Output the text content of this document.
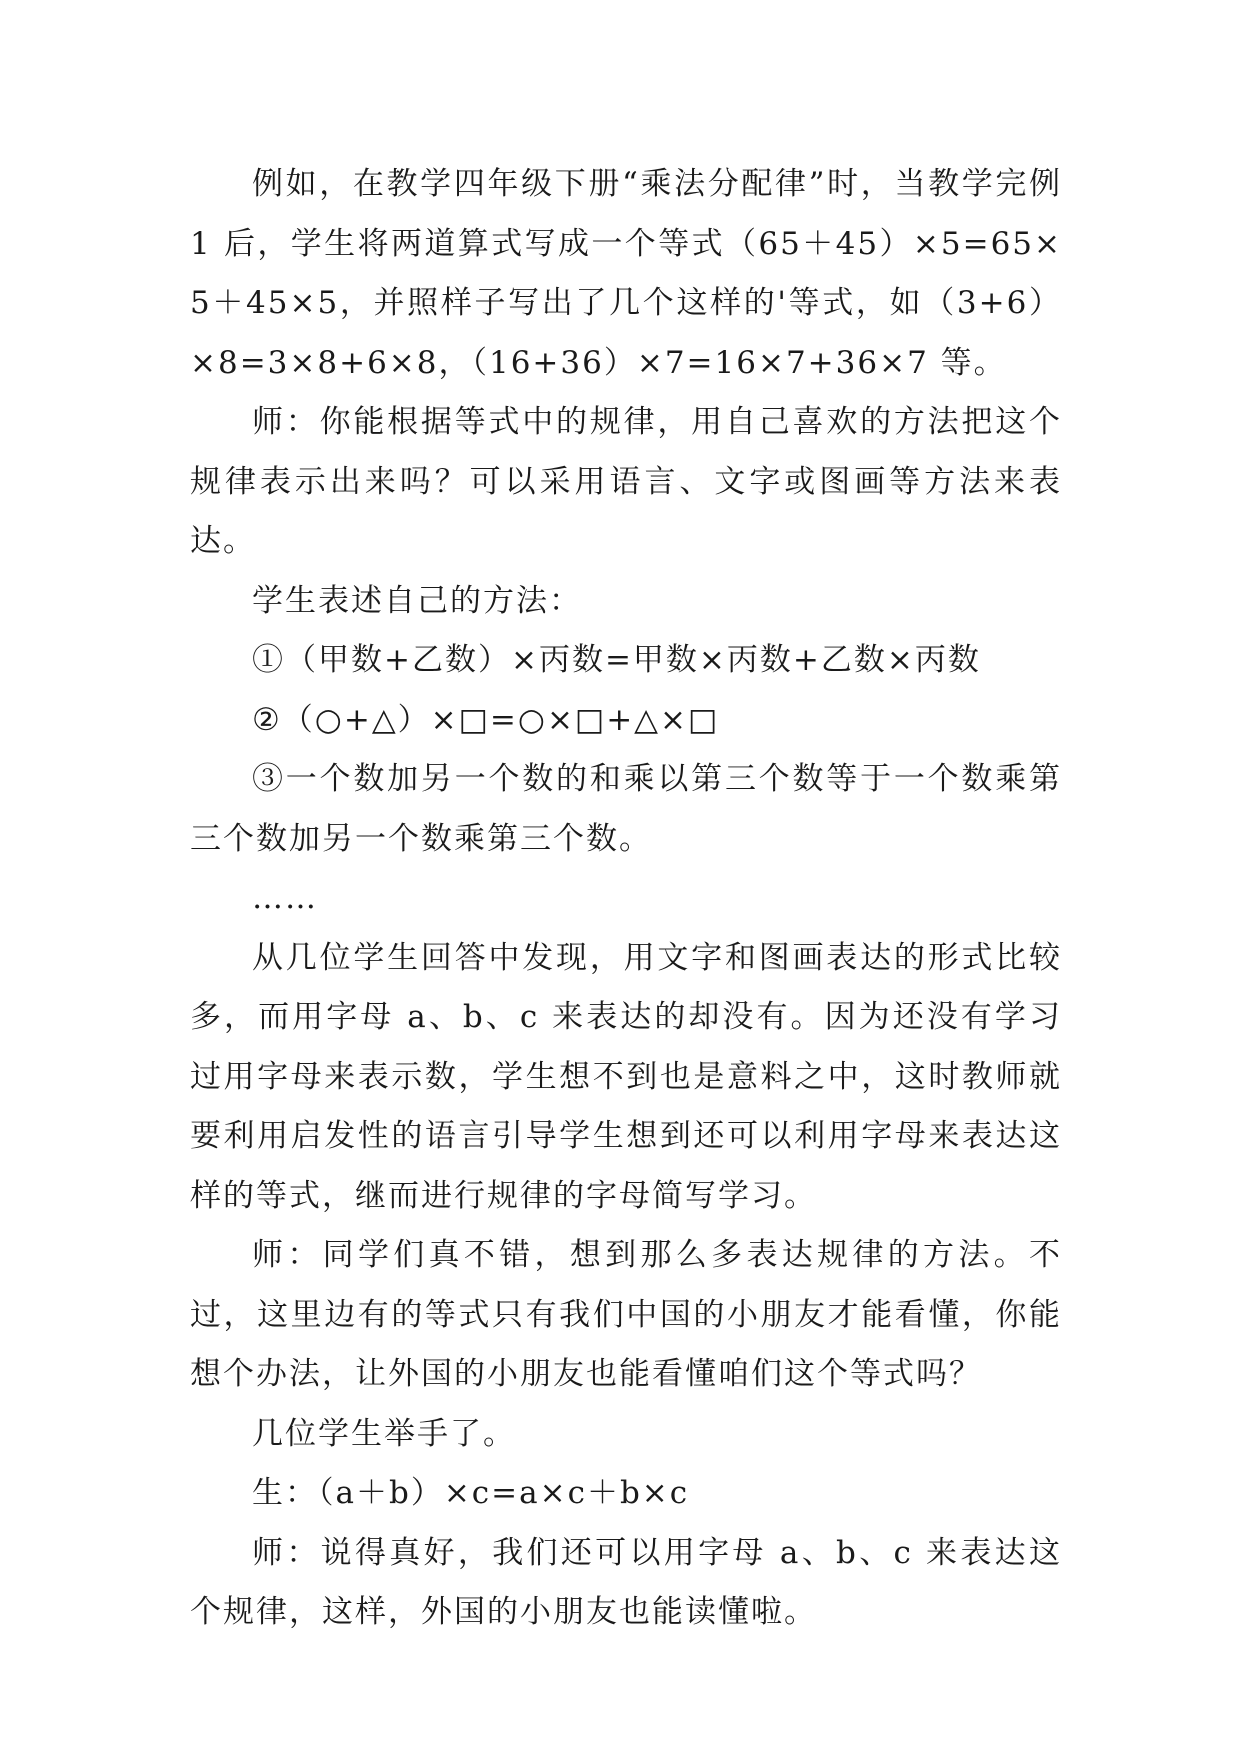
例如，在教学四年级下册“乘法分配律”时，当教学完例 1 后，学生将两道算式写成一个等式（65＋45）×5=65×5＋45×5，并照样子写出了几个这样的'等式，如（3+6）×8=3×8+6×8，（16+36）×7=16×7+36×7 等。

师：你能根据等式中的规律，用自己喜欢的方法把这个规律表示出来吗？可以采用语言、文字或图画等方法来表达。

学生表述自己的方法：

①（甲数+乙数）×丙数=甲数×丙数+乙数×丙数

②（○+△）×□=○×□+△×□

③一个数加另一个数的和乘以第三个数等于一个数乘第三个数加另一个数乘第三个数。

……

从几位学生回答中发现，用文字和图画表达的形式比较多，而用字母 a、b、c 来表达的却没有。因为还没有学习过用字母来表示数，学生想不到也是意料之中，这时教师就要利用启发性的语言引导学生想到还可以利用字母来表达这样的等式，继而进行规律的字母简写学习。

师：同学们真不错，想到那么多表达规律的方法。不过，这里边有的等式只有我们中国的小朋友才能看懂，你能想个办法，让外国的小朋友也能看懂咱们这个等式吗？

几位学生举手了。

生：（a＋b）×c=a×c＋b×c

师：说得真好，我们还可以用字母 a、b、c 来表达这个规律，这样，外国的小朋友也能读懂啦。
